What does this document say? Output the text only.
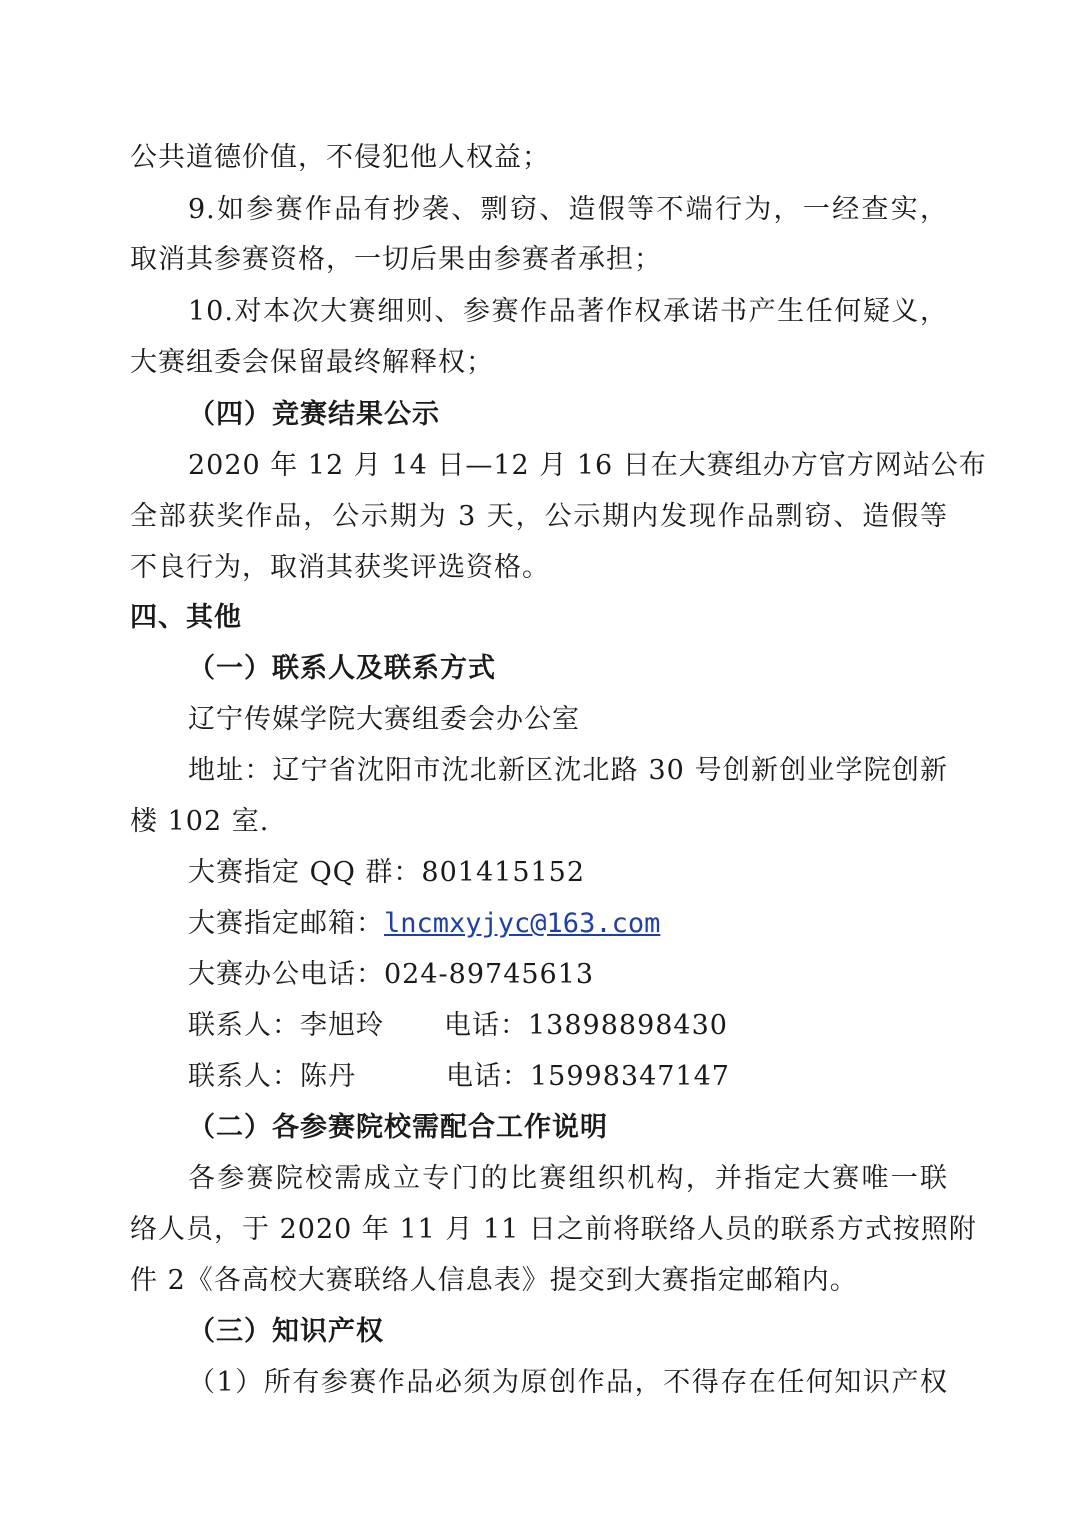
公共道德价值，不侵犯他人权益；
9.如参赛作品有抄袭、剽窃、造假等不端行为，一经查实，
取消其参赛资格，一切后果由参赛者承担；
10.对本次大赛细则、参赛作品著作权承诺书产生任何疑义，
大赛组委会保留最终解释权；
（四）竞赛结果公示
2020 年 12 月 14 日—12 月 16 日在大赛组办方官方网站公布
全部获奖作品，公示期为 3 天，公示期内发现作品剽窃、造假等
不良行为，取消其获奖评选资格。
四、其他
（一）联系人及联系方式
辽宁传媒学院大赛组委会办公室
地址：辽宁省沈阳市沈北新区沈北路 30 号创新创业学院创新
楼 102 室.
大赛指定 QQ 群：801415152
大赛指定邮箱：lncmxyjyc@163.com
大赛办公电话：024-89745613
联系人：李旭玲 电话：13898898430
联系人：陈丹	电话：15998347147
（二）各参赛院校需配合工作说明
各参赛院校需成立专门的比赛组织机构，并指定大赛唯一联
络人员，于 2020 年 11 月 11 日之前将联络人员的联系方式按照附
件 2《各高校大赛联络人信息表》提交到大赛指定邮箱内。
（三）知识产权
（1）所有参赛作品必须为原创作品，不得存在任何知识产权
